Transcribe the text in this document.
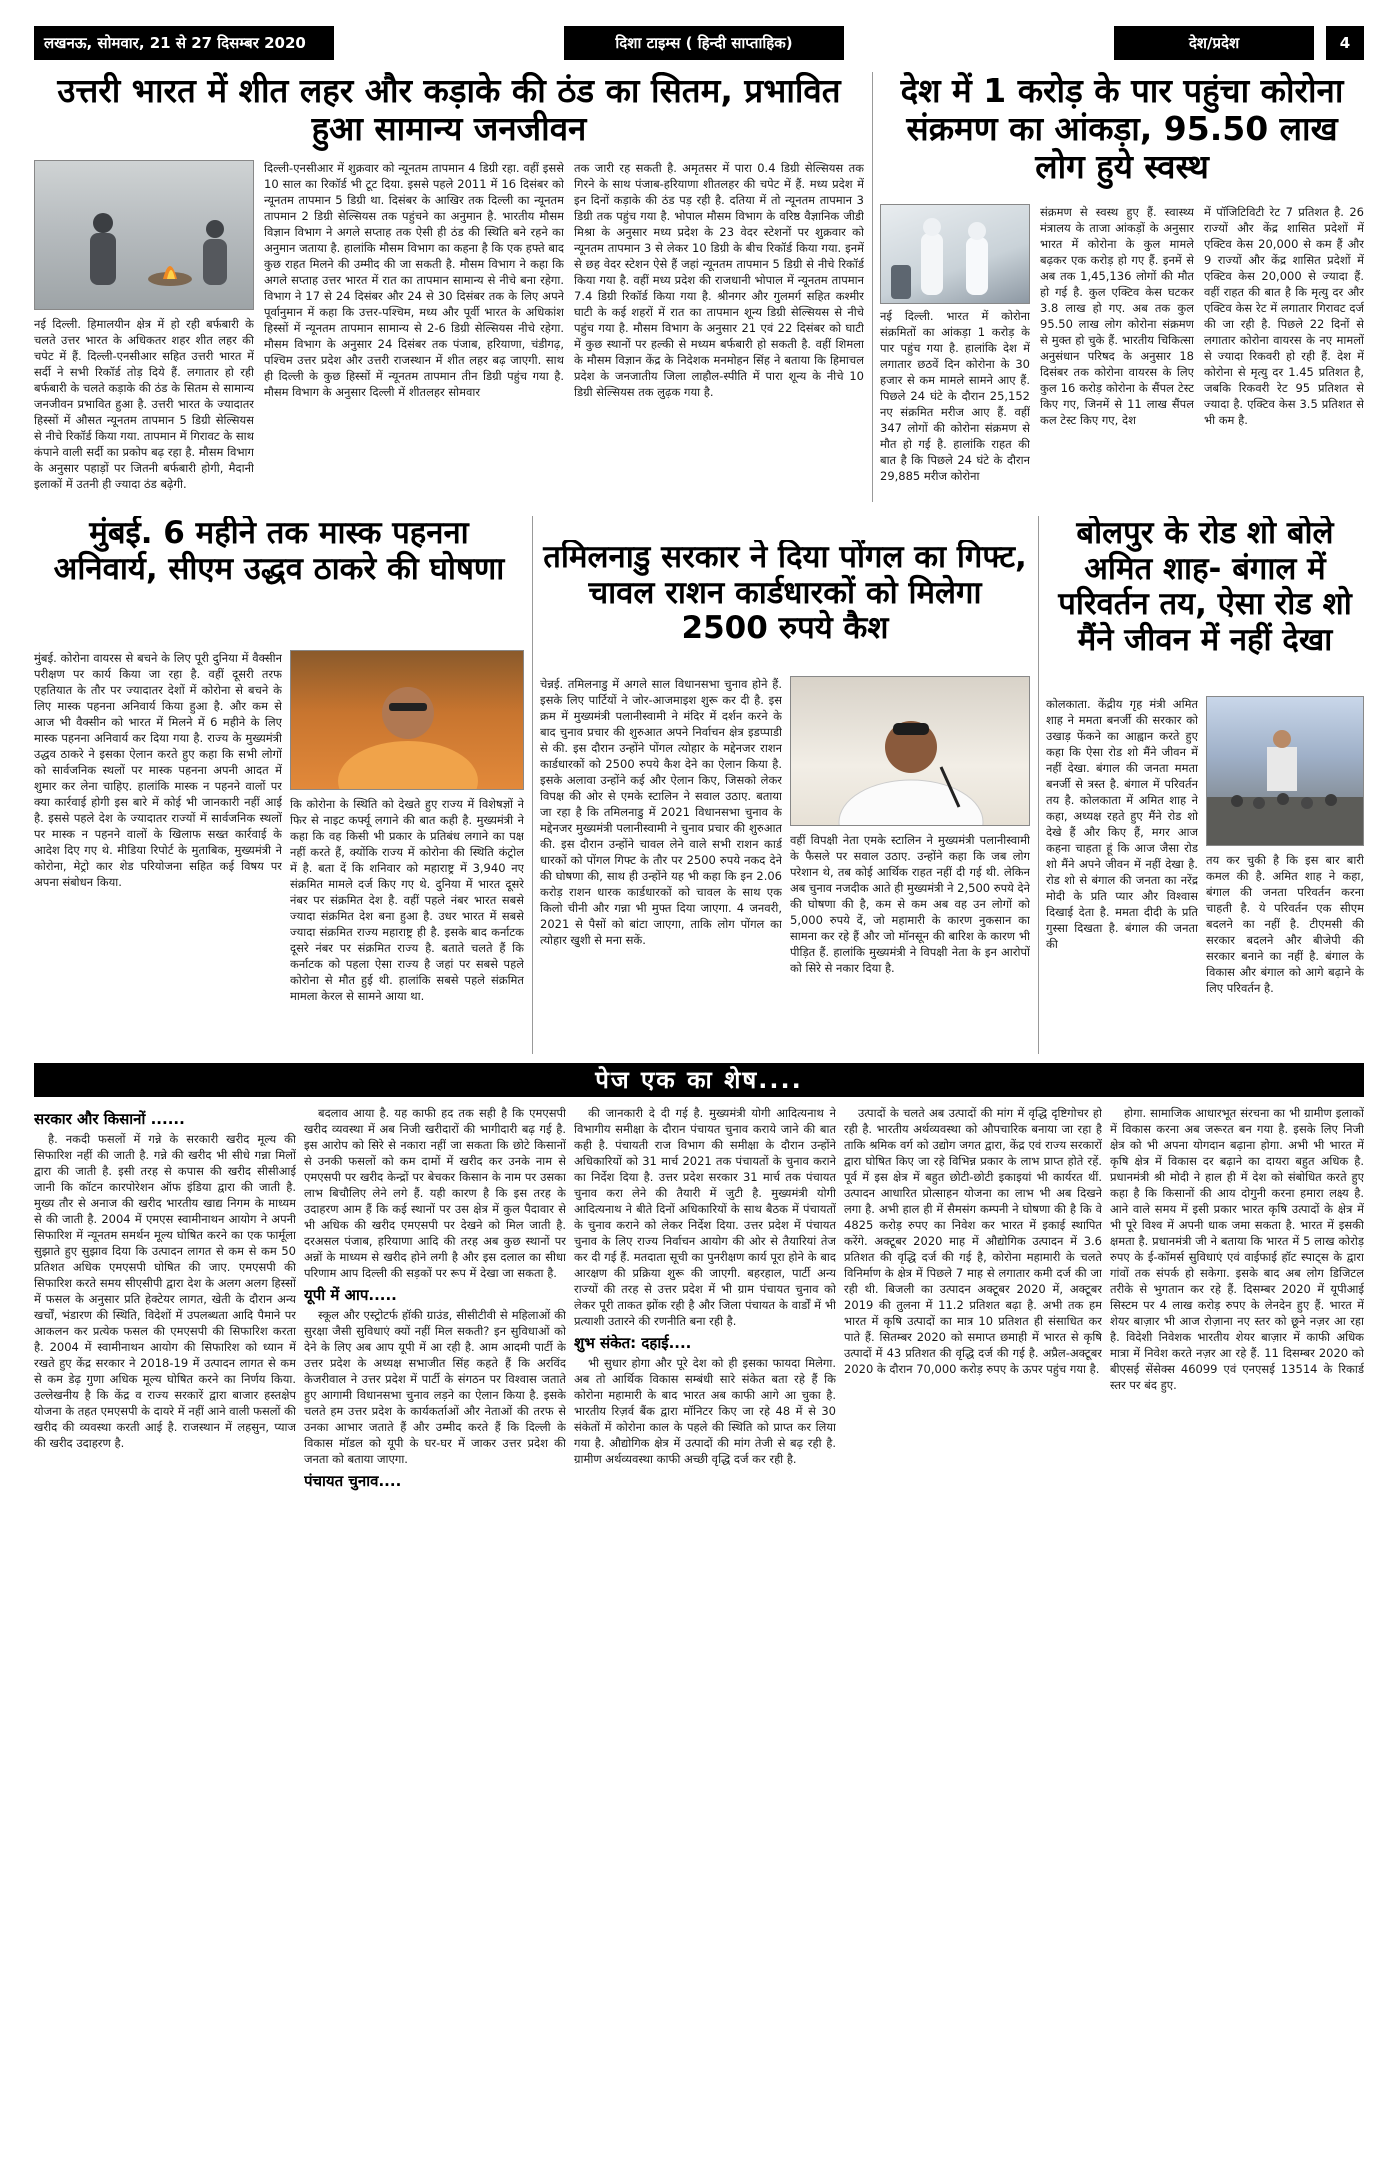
लखनऊ, सोमवार, 21 से 27 दिसम्बर 2020	दिशा टाइम्स ( हिन्दी साप्ताहिक)	देश/प्रदेश	4
उत्तरी भारत में शीत लहर और कड़ाके की ठंड का सितम, प्रभावित हुआ सामान्य जनजीवन
नई दिल्ली. हिमालयीन क्षेत्र में हो रही बर्फबारी के चलते उत्तर भारत के अधिकतर शहर शीत लहर की चपेट में हैं. दिल्ली-एनसीआर सहित उत्तरी भारत में सर्दी ने सभी रिकॉर्ड तोड़ दिये हैं. लगातार हो रही बर्फबारी के चलते कड़ाके की ठंड के सितम से सामान्य जनजीवन प्रभावित हुआ है. उत्तरी भारत के ज्यादातर हिस्सों में औसत न्यूनतम तापमान 5 डिग्री सेल्सियस से नीचे रिकॉर्ड किया गया. तापमान में गिरावट के साथ कंपाने वाली सर्दी का प्रकोप बढ़ रहा है. मौसम विभाग के अनुसार पहाड़ों पर जितनी बर्फबारी होगी, मैदानी इलाकों में उतनी ही ज्यादा ठंड बढ़ेगी.
दिल्ली-एनसीआर में शुक्रवार को न्यूनतम तापमान 4 डिग्री रहा. वहीं इससे 10 साल का रिकॉर्ड भी टूट दिया. इससे पहले 2011 में 16 दिसंबर को न्यूनतम तापमान 5 डिग्री था. दिसंबर के आखिर तक दिल्ली का न्यूनतम तापमान 2 डिग्री सेल्सियस तक पहुंचने का अनुमान है. भारतीय मौसम विज्ञान विभाग ने अगले सप्ताह तक ऐसी ही ठंड की स्थिति बने रहने का अनुमान जताया है. हालांकि मौसम विभाग का कहना है कि एक हफ्ते बाद कुछ राहत मिलने की उम्मीद की जा सकती है. मौसम विभाग ने कहा कि अगले सप्ताह उत्तर भारत में रात का तापमान सामान्य से नीचे बना रहेगा. विभाग ने 17 से 24 दिसंबर और 24 से 30 दिसंबर तक के लिए अपने पूर्वानुमान में कहा कि उत्तर-पश्चिम, मध्य और पूर्वी भारत के अधिकांश हिस्सों में न्यूनतम तापमान सामान्य से 2-6 डिग्री सेल्सियस नीचे रहेगा. मौसम विभाग के अनुसार 24 दिसंबर तक पंजाब, हरियाणा, चंडीगढ़, पश्चिम उत्तर प्रदेश और उत्तरी राजस्थान में शीत लहर बढ़ जाएगी. साथ ही दिल्ली के कुछ हिस्सों में न्यूनतम तापमान तीन डिग्री पहुंच गया है. मौसम विभाग के अनुसार दिल्ली में शीतलहर सोमवार
तक जारी रह सकती है. अमृतसर में पारा 0.4 डिग्री सेल्सियस तक गिरने के साथ पंजाब-हरियाणा शीतलहर की चपेट में हैं. मध्य प्रदेश में इन दिनों कड़ाके की ठंड पड़ रही है. दतिया में तो न्यूनतम तापमान 3 डिग्री तक पहुंच गया है. भोपाल मौसम विभाग के वरिष्ठ वैज्ञानिक जीडी मिश्रा के अनुसार मध्य प्रदेश के 23 वेदर स्टेशनों पर शुक्रवार को न्यूनतम तापमान 3 से लेकर 10 डिग्री के बीच रिकॉर्ड किया गया. इनमें से छह वेदर स्टेशन ऐसे हैं जहां न्यूनतम तापमान 5 डिग्री से नीचे रिकॉर्ड किया गया है. वहीं मध्य प्रदेश की राजधानी भोपाल में न्यूनतम तापमान 7.4 डिग्री रिकॉर्ड किया गया है. श्रीनगर और गुलमर्ग सहित कश्मीर घाटी के कई शहरों में रात का तापमान शून्य डिग्री सेल्सियस से नीचे पहुंच गया है. मौसम विभाग के अनुसार 21 एवं 22 दिसंबर को घाटी में कुछ स्थानों पर हल्की से मध्यम बर्फबारी हो सकती है. वहीं शिमला के मौसम विज्ञान केंद्र के निदेशक मनमोहन सिंह ने बताया कि हिमाचल प्रदेश के जनजातीय जिला लाहौल-स्पीति में पारा शून्य के नीचे 10 डिग्री सेल्सियस तक लुढ़क गया है.
देश में 1 करोड़ के पार पहुंचा कोरोना संक्रमण का आंकड़ा, 95.50 लाख लोग हुये स्वस्थ
नई दिल्ली. भारत में कोरोना संक्रमितों का आंकड़ा 1 करोड़ के पार पहुंच गया है. हालांकि देश में लगातार छठवें दिन कोरोना के 30 हजार से कम मामले सामने आए हैं. पिछले 24 घंटे के दौरान 25,152 नए संक्रमित मरीज आए हैं. वहीं 347 लोगों की कोरोना संक्रमण से मौत हो गई है. हालांकि राहत की बात है कि पिछले 24 घंटे के दौरान 29,885 मरीज कोरोना
संक्रमण से स्वस्थ हुए हैं. स्वास्थ्य मंत्रालय के ताजा आंकड़ों के अनुसार भारत में कोरोना के कुल मामले बढ़कर एक करोड़ हो गए हैं. इनमें से अब तक 1,45,136 लोगों की मौत हो गई है. कुल एक्टिव केस घटकर 3.8 लाख हो गए. अब तक कुल 95.50 लाख लोग कोरोना संक्रमण से मुक्त हो चुके हैं. भारतीय चिकित्सा अनुसंधान परिषद के अनुसार 18 दिसंबर तक कोरोना वायरस के लिए कुल 16 करोड़ कोरोना के सैंपल टेस्ट किए गए, जिनमें से 11 लाख सैंपल कल टेस्ट किए गए, देश
में पॉजिटिविटी रेट 7 प्रतिशत है. 26 राज्यों और केंद्र शासित प्रदेशों में एक्टिव केस 20,000 से कम हैं और 9 राज्यों और केंद्र शासित प्रदेशों में एक्टिव केस 20,000 से ज्यादा हैं. वहीं राहत की बात है कि मृत्यु दर और एक्टिव केस रेट में लगातार गिरावट दर्ज की जा रही है. पिछले 22 दिनों से लगातार कोरोना वायरस के नए मामलों से ज्यादा रिकवरी हो रही हैं. देश में कोरोना से मृत्यु दर 1.45 प्रतिशत है, जबकि रिकवरी रेट 95 प्रतिशत से ज्यादा है. एक्टिव केस 3.5 प्रतिशत से भी कम है.
मुंबई. 6 महीने तक मास्क पहनना अनिवार्य, सीएम उद्धव ठाकरे की घोषणा
मुंबई. कोरोना वायरस से बचने के लिए पूरी दुनिया में वैक्सीन परीक्षण पर कार्य किया जा रहा है. वहीं दूसरी तरफ एहतियात के तौर पर ज्यादातर देशों में कोरोना से बचने के लिए मास्क पहनना अनिवार्य किया हुआ है. और कम से आज भी वैक्सीन को भारत में मिलने में 6 महीने के लिए मास्क पहनना अनिवार्य कर दिया गया है. राज्य के मुख्यमंत्री उद्धव ठाकरे ने इसका ऐलान करते हुए कहा कि सभी लोगों को सार्वजनिक स्थलों पर मास्क पहनना अपनी आदत में शुमार कर लेना चाहिए. हालांकि मास्क न पहनने वालों पर क्या कार्रवाई होगी इस बारे में कोई भी जानकारी नहीं आई है. इससे पहले देश के ज्यादातर राज्यों में सार्वजनिक स्थलों पर मास्क न पहनने वालों के खिलाफ सख्त कार्रवाई के आदेश दिए गए थे. मीडिया रिपोर्ट के मुताबिक, मुख्यमंत्री ने कोरोना, मेट्रो कार शेड परियोजना सहित कई विषय पर अपना संबोधन किया.
कि कोरोना के स्थिति को देखते हुए राज्य में विशेषज्ञों ने फिर से नाइट कर्फ्यू लगाने की बात कही है. मुख्यमंत्री ने कहा कि वह किसी भी प्रकार के प्रतिबंध लगाने का पक्ष नहीं करते हैं, क्योंकि राज्य में कोरोना की स्थिति कंट्रोल में है. बता दें कि शनिवार को महाराष्ट्र में 3,940 नए संक्रमित मामले दर्ज किए गए थे. दुनिया में भारत दूसरे नंबर पर संक्रमित देश है. वहीं पहले नंबर भारत सबसे ज्यादा संक्रमित देश बना हुआ है. उधर भारत में सबसे ज्यादा संक्रमित राज्य महाराष्ट्र ही है. इसके बाद कर्नाटक दूसरे नंबर पर संक्रमित राज्य है. बताते चलते हैं कि कर्नाटक को पहला ऐसा राज्य है जहां पर सबसे पहले कोरोना से मौत हुई थी. हालांकि सबसे पहले संक्रमित मामला केरल से सामने आया था.
तमिलनाडु सरकार ने दिया पोंगल का गिफ्ट, चावल राशन कार्डधारकों को मिलेगा 2500 रुपये कैश
चेन्नई. तमिलनाडु में अगले साल विधानसभा चुनाव होने हैं. इसके लिए पार्टियों ने जोर-आजमाइश शुरू कर दी है. इस क्रम में मुख्यमंत्री पलानीस्वामी ने मंदिर में दर्शन करने के बाद चुनाव प्रचार की शुरुआत अपने निर्वाचन क्षेत्र इडप्पाडी से की. इस दौरान उन्होंने पोंगल त्योहार के मद्देनजर राशन कार्डधारकों को 2500 रुपये कैश देने का ऐलान किया है. इसके अलावा उन्होंने कई और ऐलान किए, जिसको लेकर विपक्ष की ओर से एमके स्टालिन ने सवाल उठाए. बताया जा रहा है कि तमिलनाडु में 2021 विधानसभा चुनाव के मद्देनजर मुख्यमंत्री पलानीस्वामी ने चुनाव प्रचार की शुरुआत की. इस दौरान उन्होंने चावल लेने वाले सभी राशन कार्ड धारकों को पोंगल गिफ्ट के तौर पर 2500 रुपये नकद देने की घोषणा की, साथ ही उन्होंने यह भी कहा कि इन 2.06 करोड़ राशन धारक कार्डधारकों को चावल के साथ एक किलो चीनी और गन्ना भी मुफ्त दिया जाएगा. 4 जनवरी, 2021 से पैसों को बांटा जाएगा, ताकि लोग पोंगल का त्योहार खुशी से मना सकें.
वहीं विपक्षी नेता एमके स्टालिन ने मुख्यमंत्री पलानीस्वामी के फैसले पर सवाल उठाए. उन्होंने कहा कि जब लोग परेशान थे, तब कोई आर्थिक राहत नहीं दी गई थी. लेकिन अब चुनाव नजदीक आते ही मुख्यमंत्री ने 2,500 रुपये देने की घोषणा की है, कम से कम अब वह उन लोगों को 5,000 रुपये दें, जो महामारी के कारण नुकसान का सामना कर रहे हैं और जो मॉनसून की बारिश के कारण भी पीड़ित हैं. हालांकि मुख्यमंत्री ने विपक्षी नेता के इन आरोपों को सिरे से नकार दिया है.
बोलपुर के रोड शो बोले अमित शाह- बंगाल में परिवर्तन तय, ऐसा रोड शो मैंने जीवन में नहीं देखा
कोलकाता. केंद्रीय गृह मंत्री अमित शाह ने ममता बनर्जी की सरकार को उखाड़ फेंकने का आह्वान करते हुए कहा कि ऐसा रोड शो मैंने जीवन में नहीं देखा. बंगाल की जनता ममता बनर्जी से त्रस्त है. बंगाल में परिवर्तन तय है. कोलकाता में अमित शाह ने कहा, अध्यक्ष रहते हुए मैंने रोड शो देखे हैं और किए हैं, मगर आज कहना चाहता हूं कि आज जैसा रोड शो मैंने अपने जीवन में नहीं देखा है. रोड शो से बंगाल की जनता का नरेंद्र मोदी के प्रति प्यार और विश्वास दिखाई देता है. ममता दीदी के प्रति गुस्सा दिखता है. बंगाल की जनता की
तय कर चुकी है कि इस बार बारी कमल की है. अमित शाह ने कहा, बंगाल की जनता परिवर्तन करना चाहती है. ये परिवर्तन एक सीएम बदलने का नहीं है. टीएमसी की सरकार बदलने और बीजेपी की सरकार बनाने का नहीं है. बंगाल के विकास और बंगाल को आगे बढ़ाने के लिए परिवर्तन है.
पेज एक का शेष....
सरकार और किसानों ......

है. नकदी फसलों में गन्ने के सरकारी खरीद मूल्य की सिफारिश नहीं की जाती है. गन्ने की खरीद भी सीधे गन्ना मिलों द्वारा की जाती है. इसी तरह से कपास की खरीद सीसीआई जानी कि कॉटन कारपोरेशन ऑफ इंडिया द्वारा की जाती है. मुख्य तौर से अनाज की खरीद भारतीय खाद्य निगम के माध्यम से की जाती है. 2004 में एमएस स्वामीनाथन आयोग ने अपनी सिफारिश में न्यूनतम समर्थन मूल्य घोषित करने का एक फार्मूला सुझाते हुए सुझाव दिया कि उत्पादन लागत से कम से कम 50 प्रतिशत अधिक एमएसपी घोषित की जाए. एमएसपी की सिफारिश करते समय सीएसीपी द्वारा देश के अलग अलग हिस्सों में फसल के अनुसार प्रति हेक्टेयर लागत, खेती के दौरान अन्य खर्चों, भंडारण की स्थिति, विदेशों में उपलब्धता आदि पैमाने पर आकलन कर प्रत्येक फसल की एमएसपी की सिफारिश करता है. 2004 में स्वामीनाथन आयोग की सिफारिश को ध्यान में रखते हुए केंद्र सरकार ने 2018-19 में उत्पादन लागत से कम से कम डेढ़ गुणा अधिक मूल्य घोषित करने का निर्णय किया. उल्लेखनीय है कि केंद्र व राज्य सरकारें द्वारा बाजार हस्तक्षेप योजना के तहत एमएसपी के दायरे में नहीं आने वाली फसलों की खरीद की व्यवस्था करती आई है. राजस्थान में लहसुन, प्याज की खरीद उदाहरण है.

बदलाव आया है. यह काफी हद तक सही है कि एमएसपी खरीद व्यवस्था में अब निजी खरीदारों की भागीदारी बढ़ गई है. इस आरोप को सिरे से नकारा नहीं जा सकता कि छोटे किसानों से उनकी फसलों को कम दामों में खरीद कर उनके नाम से एमएसपी पर खरीद केन्द्रों पर बेचकर किसान के नाम पर उसका लाभ बिचौलिए लेने लगे हैं. यही कारण है कि इस तरह के उदाहरण आम हैं कि कई स्थानों पर उस क्षेत्र में कुल पैदावार से भी अधिक की खरीद एमएसपी पर देखने को मिल जाती है. दरअसल पंजाब, हरियाणा आदि की तरह अब कुछ स्थानों पर अन्नों के माध्यम से खरीद होने लगी है और इस दलाल का सीधा परिणाम आप दिल्ली की सड़कों पर रूप में देखा जा सकता है.

यूपी में आप.....

स्कूल और एस्ट्रोटर्फ हॉकी ग्राउंड, सीसीटीवी से महिलाओं की सुरक्षा जैसी सुविधाएं क्यों नहीं मिल सकती? इन सुविधाओं को देने के लिए अब आप यूपी में आ रही है. आम आदमी पार्टी के उत्तर प्रदेश के अध्यक्ष सभाजीत सिंह कहते हैं कि अरविंद केजरीवाल ने उत्तर प्रदेश में पार्टी के संगठन पर विश्वास जताते हुए आगामी विधानसभा चुनाव लड़ने का ऐलान किया है. इसके चलते हम उत्तर प्रदेश के कार्यकर्ताओं और नेताओं की तरफ से उनका आभार जताते हैं और उम्मीद करते हैं कि दिल्ली के विकास मॉडल को यूपी के घर-घर में जाकर उत्तर प्रदेश की जनता को बताया जाएगा.

पंचायत चुनाव....

की जानकारी दे दी गई है. मुख्यमंत्री योगी आदित्यनाथ ने विभागीय समीक्षा के दौरान पंचायत चुनाव कराये जाने की बात कही है. पंचायती राज विभाग की समीक्षा के दौरान उन्होंने अधिकारियों को 31 मार्च 2021 तक पंचायतों के चुनाव कराने का निर्देश दिया है. उत्तर प्रदेश सरकार 31 मार्च तक पंचायत चुनाव करा लेने की तैयारी में जुटी है. मुख्यमंत्री योगी आदित्यनाथ ने बीते दिनों अधिकारियों के साथ बैठक में पंचायतों के चुनाव कराने को लेकर निर्देश दिया. उत्तर प्रदेश में पंचायत चुनाव के लिए राज्य निर्वाचन आयोग की ओर से तैयारियां तेज कर दी गई हैं. मतदाता सूची का पुनरीक्षण कार्य पूरा होने के बाद आरक्षण की प्रक्रिया शुरू की जाएगी. बहरहाल, पार्टी अन्य राज्यों की तरह से उत्तर प्रदेश में भी ग्राम पंचायत चुनाव को लेकर पूरी ताकत झोंक रही है और जिला पंचायत के वार्डों में भी प्रत्याशी उतारने की रणनीति बना रही है.

शुभ संकेत: दहाई....

भी सुधार होगा और पूरे देश को ही इसका फायदा मिलेगा. अब तो आर्थिक विकास सम्बंधी सारे संकेत बता रहे हैं कि कोरोना महामारी के बाद भारत अब काफी आगे आ चुका है. भारतीय रिज़र्व बैंक द्वारा मॉनिटर किए जा रहे 48 में से 30 संकेतों में कोरोना काल के पहले की स्थिति को प्राप्त कर लिया गया है. औद्योगिक क्षेत्र में उत्पादों की मांग तेजी से बढ़ रही है. ग्रामीण अर्थव्यवस्था काफी अच्छी वृद्धि दर्ज कर रही है.

उत्पादों के चलते अब उत्पादों की मांग में वृद्धि दृष्टिगोचर हो रही है. भारतीय अर्थव्यवस्था को औपचारिक बनाया जा रहा है ताकि श्रमिक वर्ग को उद्योग जगत द्वारा, केंद्र एवं राज्य सरकारों द्वारा घोषित किए जा रहे विभिन्न प्रकार के लाभ प्राप्त होते रहें. पूर्व में इस क्षेत्र में बहुत छोटी-छोटी इकाइयां भी कार्यरत थीं. उत्पादन आधारित प्रोत्साहन योजना का लाभ भी अब दिखने लगा है. अभी हाल ही में सैमसंग कम्पनी ने घोषणा की है कि वे 4825 करोड़ रुपए का निवेश कर भारत में इकाई स्थापित करेंगे. अक्टूबर 2020 माह में औद्योगिक उत्पादन में 3.6 प्रतिशत की वृद्धि दर्ज की गई है, कोरोना महामारी के चलते विनिर्माण के क्षेत्र में पिछले 7 माह से लगातार कमी दर्ज की जा रही थी. बिजली का उत्पादन अक्टूबर 2020 में, अक्टूबर 2019 की तुलना में 11.2 प्रतिशत बढ़ा है. अभी तक हम भारत में कृषि उत्पादों का मात्र 10 प्रतिशत ही संसाधित कर पाते हैं. सितम्बर 2020 को समाप्त छमाही में भारत से कृषि उत्पादों में 43 प्रतिशत की वृद्धि दर्ज की गई है. अप्रैल-अक्टूबर 2020 के दौरान 70,000 करोड़ रुपए के ऊपर पहुंच गया है.

होगा. सामाजिक आधारभूत संरचना का भी ग्रामीण इलाकों में विकास करना अब जरूरत बन गया है. इसके लिए निजी क्षेत्र को भी अपना योगदान बढ़ाना होगा. अभी भी भारत में कृषि क्षेत्र में विकास दर बढ़ाने का दायरा बहुत अधिक है. प्रधानमंत्री श्री मोदी ने हाल ही में देश को संबोधित करते हुए कहा है कि किसानों की आय दोगुनी करना हमारा लक्ष्य है. आने वाले समय में इसी प्रकार भारत कृषि उत्पादों के क्षेत्र में भी पूरे विश्व में अपनी धाक जमा सकता है. भारत में इसकी क्षमता है. प्रधानमंत्री जी ने बताया कि भारत में 5 लाख कोरोड़ रुपए के ई-कॉमर्स सुविधाएं एवं वाईफाई हॉट स्पाट्स के द्वारा गांवों तक संपर्क हो सकेगा. इसके बाद अब लोग डिजिटल तरीके से भुगतान कर रहे हैं. दिसम्बर 2020 में यूपीआई सिस्टम पर 4 लाख करोड़ रुपए के लेनदेन हुए हैं. भारत में शेयर बाज़ार भी आज रोज़ाना नए स्तर को छूने नज़र आ रहा है. विदेशी निवेशक भारतीय शेयर बाज़ार में काफी अधिक मात्रा में निवेश करते नज़र आ रहे हैं. 11 दिसम्बर 2020 को बीएसई सेंसेक्स 46099 एवं एनएसई 13514 के रिकार्ड स्तर पर बंद हुए.
